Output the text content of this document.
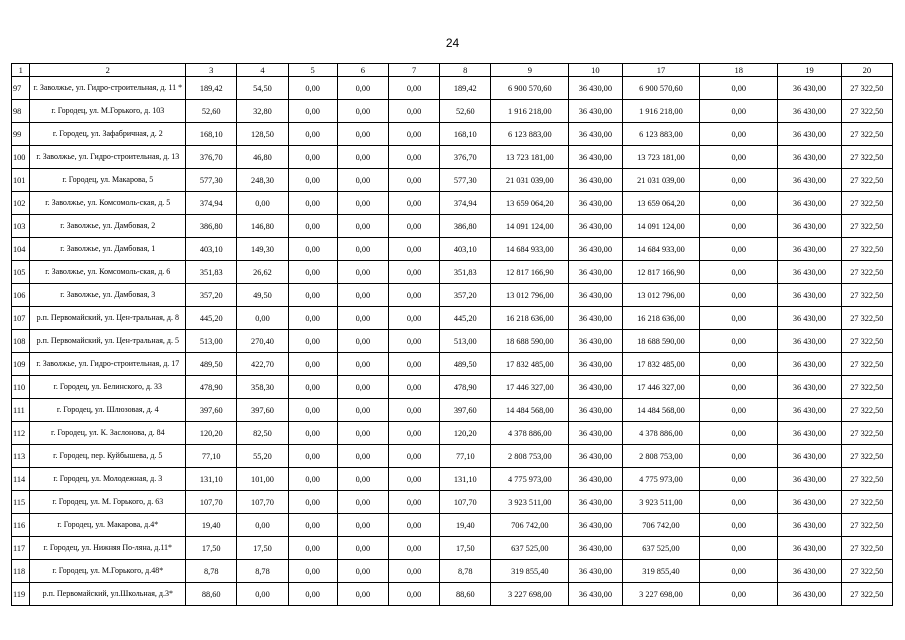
24
1	2	3	4	5	6	7	8	9	10	17	18	19	20
97	г. Заволжье, ул. Гидро-строительная, д. 11 *	189,42	54,50	0,00	0,00	0,00	189,42	6 900 570,60	36 430,00	6 900 570,60	0,00	36 430,00	27 322,50
98	г. Городец, ул. М.Горького, д. 103	52,60	32,80	0,00	0,00	0,00	52,60	1 916 218,00	36 430,00	1 916 218,00	0,00	36 430,00	27 322,50
99	г. Городец, ул. Зафабричная, д. 2	168,10	128,50	0,00	0,00	0,00	168,10	6 123 883,00	36 430,00	6 123 883,00	0,00	36 430,00	27 322,50
100	г. Заволжье, ул. Гидро-строительная, д. 13	376,70	46,80	0,00	0,00	0,00	376,70	13 723 181,00	36 430,00	13 723 181,00	0,00	36 430,00	27 322,50
101	г. Городец, ул. Макарова, 5	577,30	248,30	0,00	0,00	0,00	577,30	21 031 039,00	36 430,00	21 031 039,00	0,00	36 430,00	27 322,50
102	г. Заволжье, ул. Комсомоль-ская, д. 5	374,94	0,00	0,00	0,00	0,00	374,94	13 659 064,20	36 430,00	13 659 064,20	0,00	36 430,00	27 322,50
103	г. Заволжье, ул. Дамбовая, 2	386,80	146,80	0,00	0,00	0,00	386,80	14 091 124,00	36 430,00	14 091 124,00	0,00	36 430,00	27 322,50
104	г. Заволжье, ул. Дамбовая, 1	403,10	149,30	0,00	0,00	0,00	403,10	14 684 933,00	36 430,00	14 684 933,00	0,00	36 430,00	27 322,50
105	г. Заволжье, ул. Комсомоль-ская, д. 6	351,83	26,62	0,00	0,00	0,00	351,83	12 817 166,90	36 430,00	12 817 166,90	0,00	36 430,00	27 322,50
106	г. Заволжье, ул. Дамбовая, 3	357,20	49,50	0,00	0,00	0,00	357,20	13 012 796,00	36 430,00	13 012 796,00	0,00	36 430,00	27 322,50
107	р.п. Первомайский, ул. Цен-тральная, д. 8	445,20	0,00	0,00	0,00	0,00	445,20	16 218 636,00	36 430,00	16 218 636,00	0,00	36 430,00	27 322,50
108	р.п. Первомайский, ул. Цен-тральная, д. 5	513,00	270,40	0,00	0,00	0,00	513,00	18 688 590,00	36 430,00	18 688 590,00	0,00	36 430,00	27 322,50
109	г. Заволжье, ул. Гидро-строительная, д. 17	489,50	422,70	0,00	0,00	0,00	489,50	17 832 485,00	36 430,00	17 832 485,00	0,00	36 430,00	27 322,50
110	г. Городец, ул. Белинского, д. 33	478,90	358,30	0,00	0,00	0,00	478,90	17 446 327,00	36 430,00	17 446 327,00	0,00	36 430,00	27 322,50
111	г. Городец, ул. Шлюзовая, д. 4	397,60	397,60	0,00	0,00	0,00	397,60	14 484 568,00	36 430,00	14 484 568,00	0,00	36 430,00	27 322,50
112	г. Городец, ул. К. Заслонова, д. 84	120,20	82,50	0,00	0,00	0,00	120,20	4 378 886,00	36 430,00	4 378 886,00	0,00	36 430,00	27 322,50
113	г. Городец, пер. Куйбышева, д. 5	77,10	55,20	0,00	0,00	0,00	77,10	2 808 753,00	36 430,00	2 808 753,00	0,00	36 430,00	27 322,50
114	г. Городец, ул. Молодежная, д. 3	131,10	101,00	0,00	0,00	0,00	131,10	4 775 973,00	36 430,00	4 775 973,00	0,00	36 430,00	27 322,50
115	г. Городец, ул. М. Горького, д. 63	107,70	107,70	0,00	0,00	0,00	107,70	3 923 511,00	36 430,00	3 923 511,00	0,00	36 430,00	27 322,50
116	г. Городец, ул. Макарова, д.4*	19,40	0,00	0,00	0,00	0,00	19,40	706 742,00	36 430,00	706 742,00	0,00	36 430,00	27 322,50
117	г. Городец, ул. Нижняя По-ляна, д.11*	17,50	17,50	0,00	0,00	0,00	17,50	637 525,00	36 430,00	637 525,00	0,00	36 430,00	27 322,50
118	г. Городец, ул. М.Горького, д.48*	8,78	8,78	0,00	0,00	0,00	8,78	319 855,40	36 430,00	319 855,40	0,00	36 430,00	27 322,50
119	р.п. Первомайский, ул.Школьная, д.3*	88,60	0,00	0,00	0,00	0,00	88,60	3 227 698,00	36 430,00	3 227 698,00	0,00	36 430,00	27 322,50
